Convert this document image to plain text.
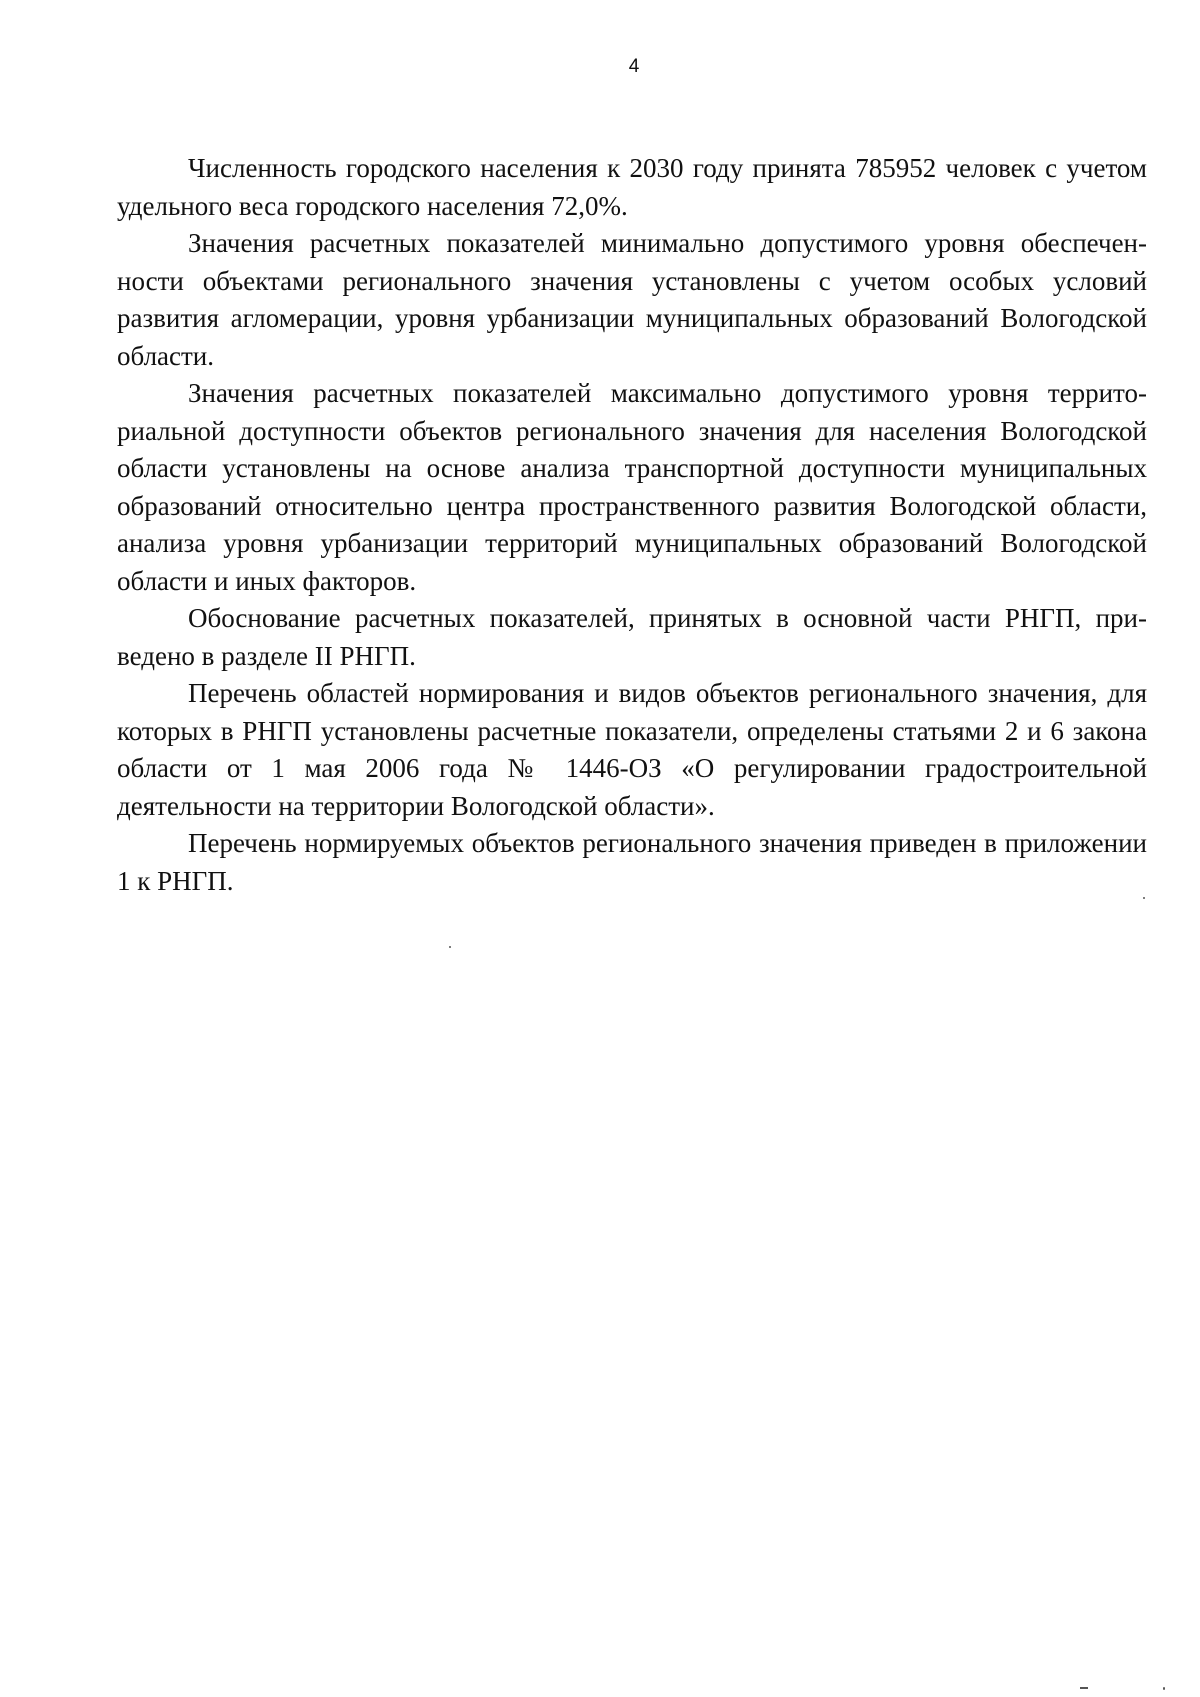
4

Численность городского населения к 2030 году принята 785952 человек с учетом удельного веса городского населения 72,0%.

Значения расчетных показателей минимально допустимого уровня обеспеченности объектами регионального значения установлены с учетом особых условий развития агломерации, уровня урбанизации муниципальных образований Вологодской области.

Значения расчетных показателей максимально допустимого уровня территориальной доступности объектов регионального значения для населения Вологодской области установлены на основе анализа транспортной доступности муниципальных образований относительно центра пространственного развития Вологодской области, анализа уровня урбанизации территорий муниципальных образований Вологодской области и иных факторов.

Обоснование расчетных показателей, принятых в основной части РНГП, приведено в разделе II РНГП.

Перечень областей нормирования и видов объектов регионального значения, для которых в РНГП установлены расчетные показатели, определены статьями 2 и 6 закона области от 1 мая 2006 года № 1446-ОЗ «О регулировании градостроительной деятельности на территории Вологодской области».

Перечень нормируемых объектов регионального значения приведен в приложении 1 к РНГП.
